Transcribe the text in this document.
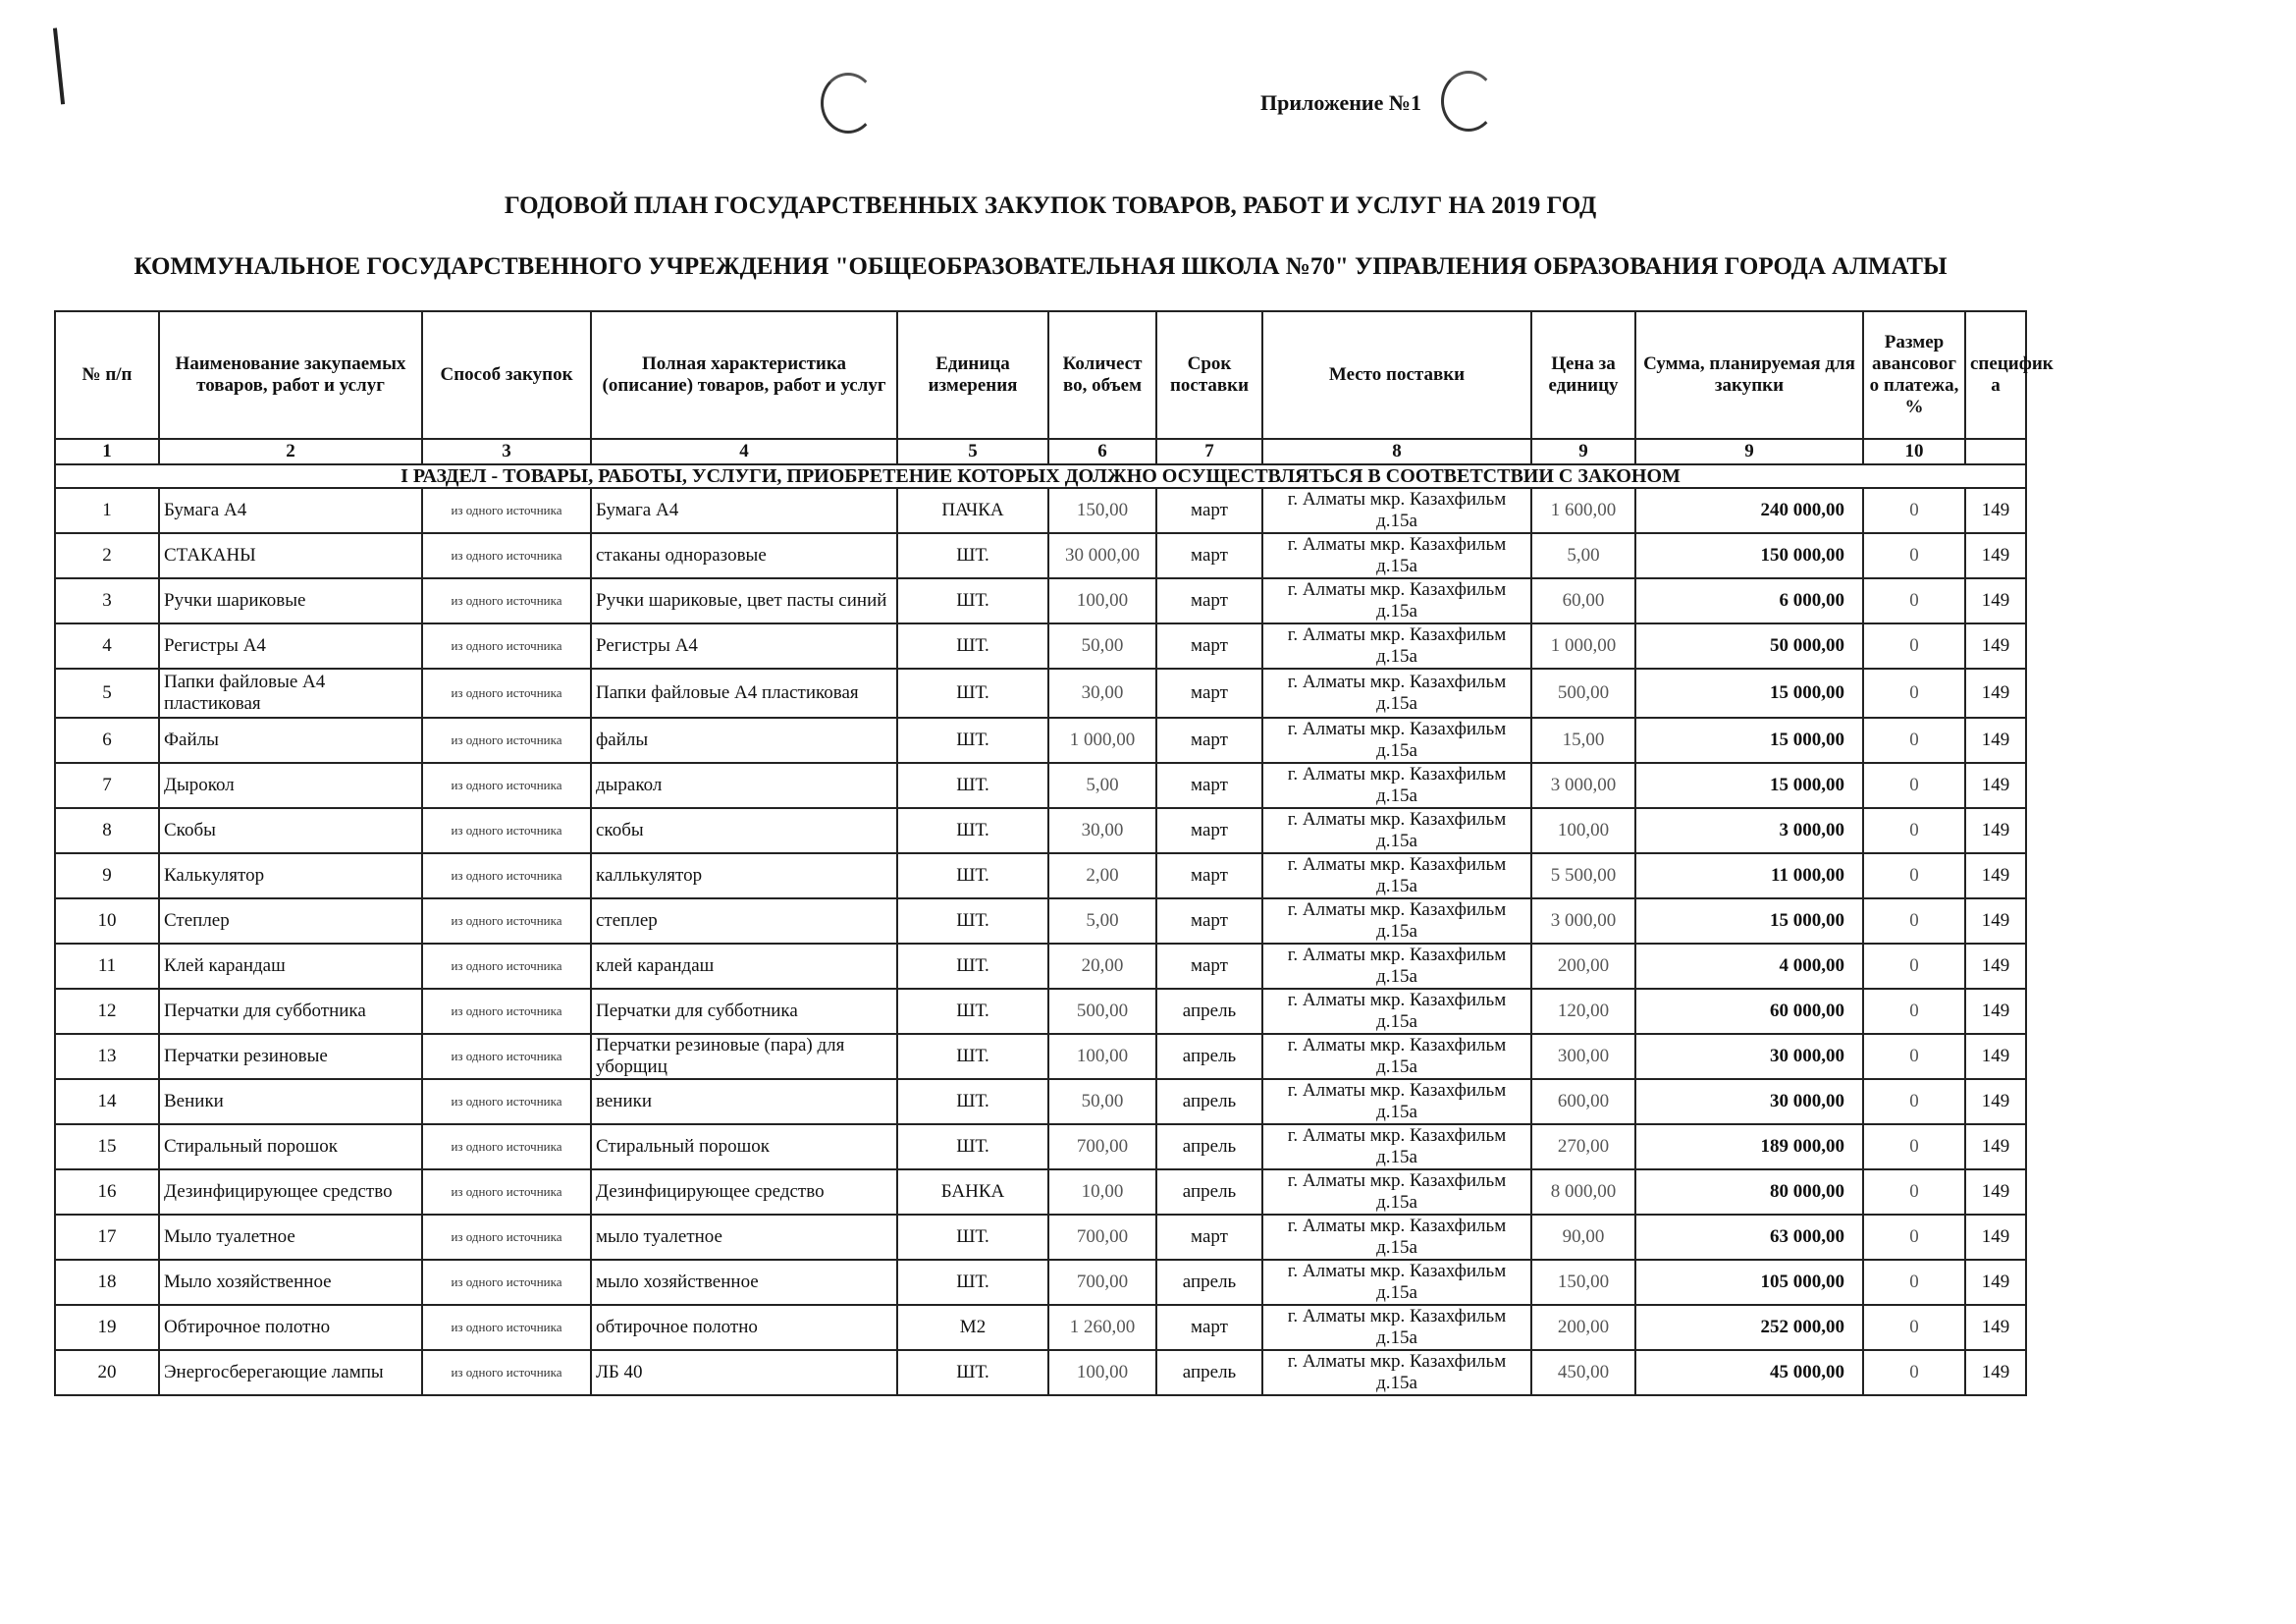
Приложение №1
ГОДОВОЙ ПЛАН ГОСУДАРСТВЕННЫХ ЗАКУПОК ТОВАРОВ, РАБОТ И УСЛУГ НА 2019 ГОД
КОММУНАЛЬНОЕ ГОСУДАРСТВЕННОГО УЧРЕЖДЕНИЯ "ОБЩЕОБРАЗОВАТЕЛЬНАЯ ШКОЛА №70" УПРАВЛЕНИЯ ОБРАЗОВАНИЯ ГОРОДА АЛМАТЫ
№ п/п	Наименование закупаемых товаров, работ и услуг	Способ закупок	Полная характеристика (описание) товаров, работ и услуг	Единица измерения	Количест во, объем	Срок поставки	Место поставки	Цена за единицу	Сумма, планируемая для закупки	Размер авансовог о платежа, %	специфик а
1	2	3	4	5	6	7	8	9	9	10	
I РАЗДЕЛ - ТОВАРЫ, РАБОТЫ, УСЛУГИ, ПРИОБРЕТЕНИЕ КОТОРЫХ ДОЛЖНО ОСУЩЕСТВЛЯТЬСЯ В СООТВЕТСТВИИ С ЗАКОНОМ											
1	Бумага А4	из одного источника	Бумага А4	ПАЧКА	150,00	март	г. Алматы мкр. Казахфильм д.15а	1 600,00	240 000,00	0	149
2	СТАКАНЫ	из одного источника	стаканы одноразовые	ШТ.	30 000,00	март	г. Алматы мкр. Казахфильм д.15а	5,00	150 000,00	0	149
3	Ручки шариковые	из одного источника	Ручки шариковые, цвет пасты синий	ШТ.	100,00	март	г. Алматы мкр. Казахфильм д.15а	60,00	6 000,00	0	149
4	Регистры А4	из одного источника	Регистры А4	ШТ.	50,00	март	г. Алматы мкр. Казахфильм д.15а	1 000,00	50 000,00	0	149
5	Папки файловые А4 пластиковая	из одного источника	Папки файловые А4 пластиковая	ШТ.	30,00	март	г. Алматы мкр. Казахфильм д.15а	500,00	15 000,00	0	149
6	Файлы	из одного источника	файлы	ШТ.	1 000,00	март	г. Алматы мкр. Казахфильм д.15а	15,00	15 000,00	0	149
7	Дырокол	из одного источника	дыракол	ШТ.	5,00	март	г. Алматы мкр. Казахфильм д.15а	3 000,00	15 000,00	0	149
8	Скобы	из одного источника	скобы	ШТ.	30,00	март	г. Алматы мкр. Казахфильм д.15а	100,00	3 000,00	0	149
9	Калькулятор	из одного источника	каллькулятор	ШТ.	2,00	март	г. Алматы мкр. Казахфильм д.15а	5 500,00	11 000,00	0	149
10	Степлер	из одного источника	степлер	ШТ.	5,00	март	г. Алматы мкр. Казахфильм д.15а	3 000,00	15 000,00	0	149
11	Клей карандаш	из одного источника	клей карандаш	ШТ.	20,00	март	г. Алматы мкр. Казахфильм д.15а	200,00	4 000,00	0	149
12	Перчатки для субботника	из одного источника	Перчатки для субботника	ШТ.	500,00	апрель	г. Алматы мкр. Казахфильм д.15а	120,00	60 000,00	0	149
13	Перчатки резиновые	из одного источника	Перчатки резиновые (пара) для уборщиц	ШТ.	100,00	апрель	г. Алматы мкр. Казахфильм д.15а	300,00	30 000,00	0	149
14	Веники	из одного источника	веники	ШТ.	50,00	апрель	г. Алматы мкр. Казахфильм д.15а	600,00	30 000,00	0	149
15	Стиральный порошок	из одного источника	Стиральный порошок	ШТ.	700,00	апрель	г. Алматы мкр. Казахфильм д.15а	270,00	189 000,00	0	149
16	Дезинфицирующее средство	из одного источника	Дезинфицирующее средство	БАНКА	10,00	апрель	г. Алматы мкр. Казахфильм д.15а	8 000,00	80 000,00	0	149
17	Мыло туалетное	из одного источника	мыло туалетное	ШТ.	700,00	март	г. Алматы мкр. Казахфильм д.15а	90,00	63 000,00	0	149
18	Мыло хозяйственное	из одного источника	мыло хозяйственное	ШТ.	700,00	апрель	г. Алматы мкр. Казахфильм д.15а	150,00	105 000,00	0	149
19	Обтирочное полотно	из одного источника	обтирочное полотно	М2	1 260,00	март	г. Алматы мкр. Казахфильм д.15а	200,00	252 000,00	0	149
20	Энергосберегающие лампы	из одного источника	ЛБ 40	ШТ.	100,00	апрель	г. Алматы мкр. Казахфильм д.15а	450,00	45 000,00	0	149
